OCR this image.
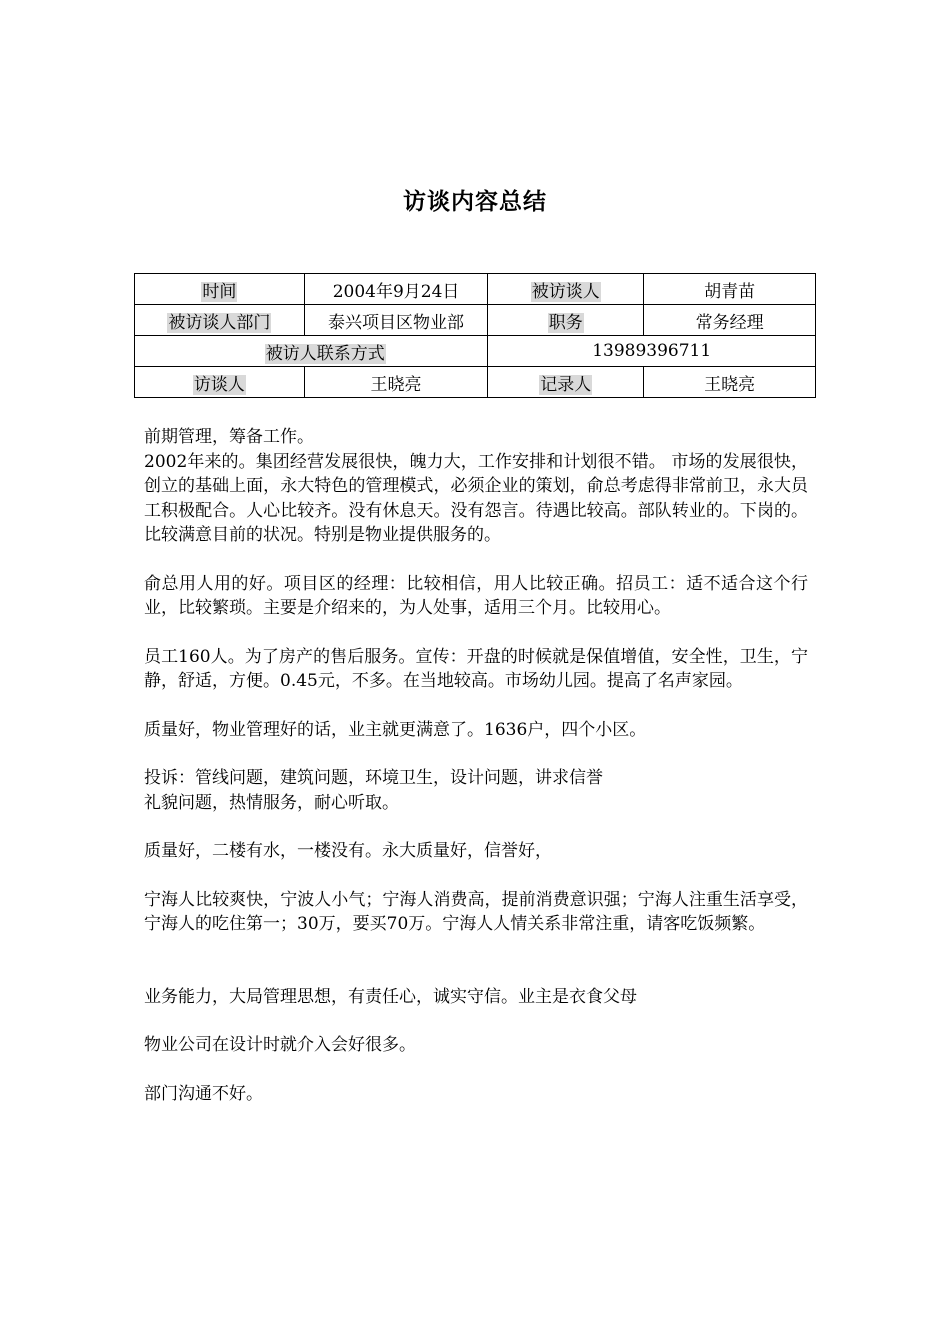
访谈内容总结
时间	2004年9月24日	被访谈人	胡青苗
被访谈人部门	泰兴项目区物业部	职务	常务经理
被访人联系方式		13989396711	
访谈人	王晓亮	记录人	王晓亮

前期管理，筹备工作。

2002年来的。集团经营发展很快，魄力大，工作安排和计划很不错。 市场的发展很快，创立的基础上面，永大特色的管理模式，必须企业的策划，俞总考虑得非常前卫，永大员工积极配合。人心比较齐。没有休息天。没有怨言。待遇比较高。部队转业的。下岗的。比较满意目前的状况。特别是物业提供服务的。

俞总用人用的好。项目区的经理：比较相信，用人比较正确。招员工：适不适合这个行业，比较繁琐。主要是介绍来的，为人处事，适用三个月。比较用心。

员工160人。为了房产的售后服务。宣传：开盘的时候就是保值增值，安全性，卫生，宁静，舒适，方便。0.45元，不多。在当地较高。市场幼儿园。提高了名声家园。

质量好，物业管理好的话，业主就更满意了。1636户，四个小区。

投诉：管线问题，建筑问题，环境卫生，设计问题，讲求信誉

礼貌问题，热情服务，耐心听取。

质量好，二楼有水，一楼没有。永大质量好，信誉好，

宁海人比较爽快，宁波人小气；宁海人消费高，提前消费意识强；宁海人注重生活享受，宁海人的吃住第一；30万，要买70万。宁海人人情关系非常注重，请客吃饭频繁。

业务能力，大局管理思想，有责任心，诚实守信。业主是衣食父母

物业公司在设计时就介入会好很多。

部门沟通不好。
